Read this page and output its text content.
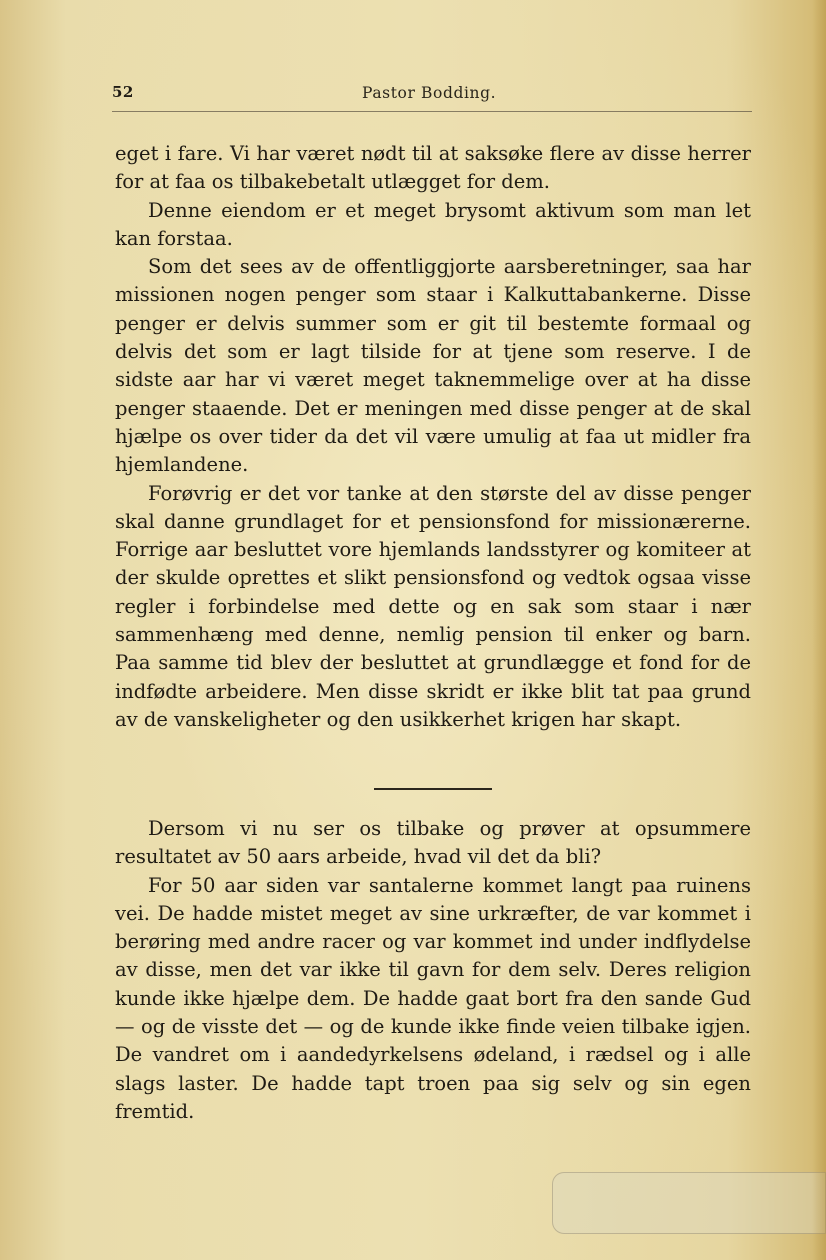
52	Pastor Bodding.

eget i fare. Vi har været nødt til at saksøke flere av disse herrer for at faa os tilbakebetalt utlægget for dem.

Denne eiendom er et meget brysomt aktivum som man let kan forstaa.

Som det sees av de offentliggjorte aarsberetninger, saa har missionen nogen penger som staar i Kalkuttabankerne. Disse penger er delvis summer som er git til bestemte formaal og delvis det som er lagt tilside for at tjene som reserve. I de sidste aar har vi været meget taknemmelige over at ha disse penger staaende. Det er meningen med disse penger at de skal hjælpe os over tider da det vil være umulig at faa ut midler fra hjemlandene.

Forøvrig er det vor tanke at den største del av disse penger skal danne grundlaget for et pensionsfond for missionærerne. Forrige aar besluttet vore hjemlands landsstyrer og komiteer at der skulde oprettes et slikt pensionsfond og vedtok ogsaa visse regler i forbindelse med dette og en sak som staar i nær sammenhæng med denne, nemlig pension til enker og barn. Paa samme tid blev der besluttet at grundlægge et fond for de indfødte arbeidere. Men disse skridt er ikke blit tat paa grund av de vanskeligheter og den usikkerhet krigen har skapt.

Dersom vi nu ser os tilbake og prøver at opsummere resultatet av 50 aars arbeide, hvad vil det da bli?

For 50 aar siden var santalerne kommet langt paa ruinens vei. De hadde mistet meget av sine urkræfter, de var kommet i berøring med andre racer og var kommet ind under indflydelse av disse, men det var ikke til gavn for dem selv. Deres religion kunde ikke hjælpe dem. De hadde gaat bort fra den sande Gud — og de visste det — og de kunde ikke finde veien tilbake igjen. De vandret om i aandedyrkelsens ødeland, i rædsel og i alle slags laster. De hadde tapt troen paa sig selv og sin egen fremtid.
